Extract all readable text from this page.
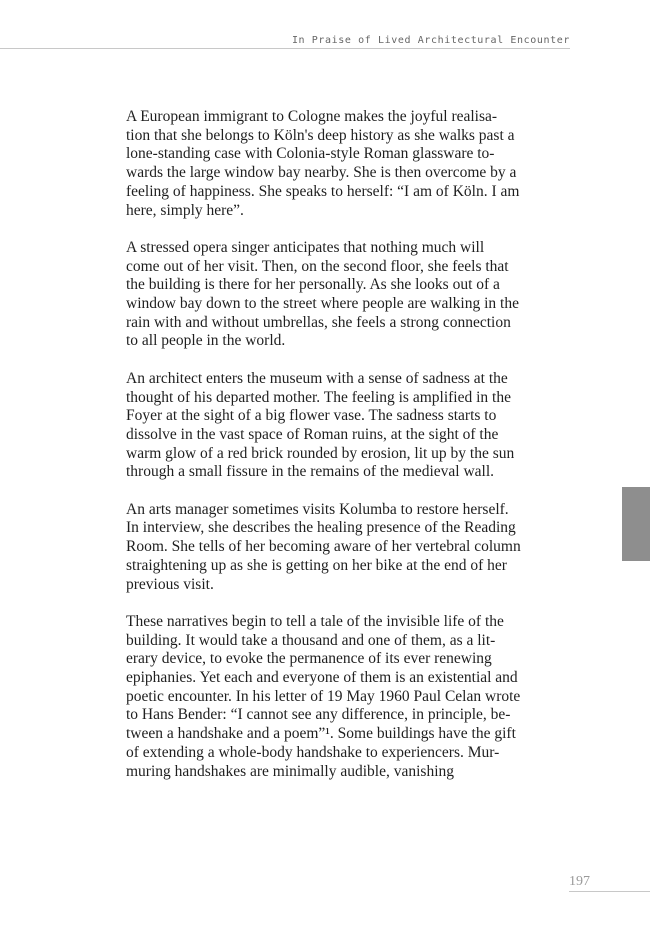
In Praise of Lived Architectural Encounter

A European immigrant to Cologne makes the joyful realisa-
tion that she belongs to Köln's deep history as she walks past a
lone-standing case with Colonia-style Roman glassware to-
wards the large window bay nearby. She is then overcome by a
feeling of happiness. She speaks to herself: “I am of Köln. I am
here, simply here”.

A stressed opera singer anticipates that nothing much will
come out of her visit. Then, on the second floor, she feels that
the building is there for her personally. As she looks out of a
window bay down to the street where people are walking in the
rain with and without umbrellas, she feels a strong connection
to all people in the world.

An architect enters the museum with a sense of sadness at the
thought of his departed mother. The feeling is amplified in the
Foyer at the sight of a big flower vase. The sadness starts to
dissolve in the vast space of Roman ruins, at the sight of the
warm glow of a red brick rounded by erosion, lit up by the sun
through a small fissure in the remains of the medieval wall.

An arts manager sometimes visits Kolumba to restore herself.
In interview, she describes the healing presence of the Reading
Room. She tells of her becoming aware of her vertebral column
straightening up as she is getting on her bike at the end of her
previous visit.

These narratives begin to tell a tale of the invisible life of the
building. It would take a thousand and one of them, as a lit-
erary device, to evoke the permanence of its ever renewing
epiphanies. Yet each and everyone of them is an existential and
poetic encounter. In his letter of 19 May 1960 Paul Celan wrote
to Hans Bender: “I cannot see any difference, in principle, be-
tween a handshake and a poem”¹. Some buildings have the gift
of extending a whole-body handshake to experiencers. Mur-
muring handshakes are minimally audible, vanishing

197
